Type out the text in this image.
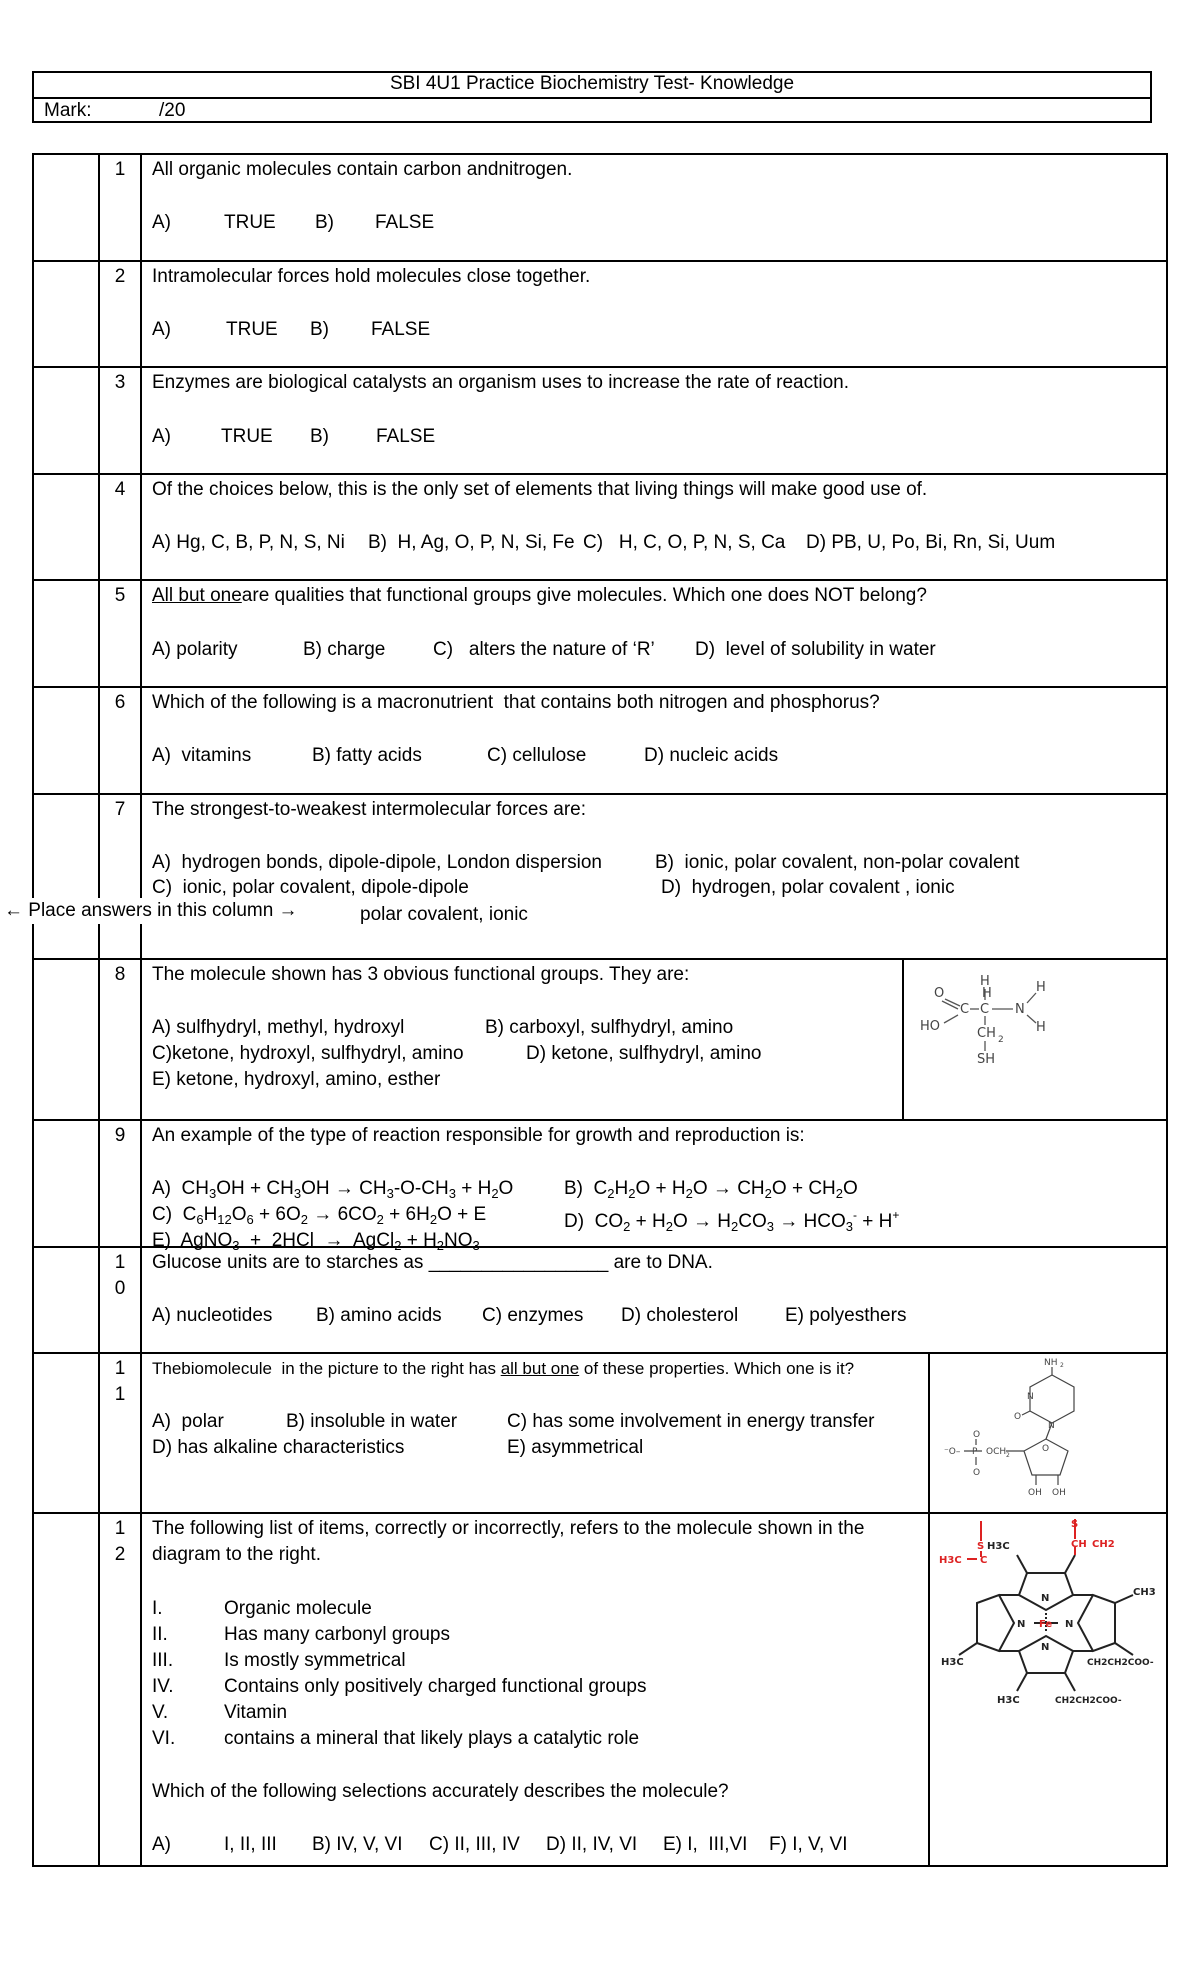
SBI 4U1 Practice Biochemistry Test- Knowledge
Mark:	/20
1	All organic molecules contain carbon andnitrogen.
A)	TRUE B) FALSE
2	Intramolecular forces hold molecules close together.
A)	TRUE B) FALSE
3	Enzymes are biological catalysts an organism uses to increase the rate of reaction.
A)	TRUE B) FALSE
4	Of the choices below, this is the only set of elements that living things will make good use of.
A) Hg, C, B, P, N, S, Ni B)  H, Ag, O, P, N, Si, Fe C)   H, C, O, P, N, S, Ca D) PB, U, Po, Bi, Rn, Si, Uum
5	All but oneare qualities that functional groups give molecules. Which one does NOT belong?
A) polarity	B) charge	C)   alters the nature of ‘R’ D)  level of solubility in water
6	Which of the following is a macronutrient  that contains both nitrogen and phosphorus?
A)  vitamins	B) fatty acids	C) cellulose	D) nucleic acids
7	The strongest-to-weakest intermolecular forces are:
A)  hydrogen bonds, dipole-dipole, London dispersion	B)  ionic, polar covalent, non-polar covalent
C)  ionic, polar covalent, dipole-dipole	D)  hydrogen, polar covalent , ionic
polar covalent, ionic
8	The molecule shown has 3 obvious functional groups. They are:
A) sulfhydryl, methyl, hydroxyl	B) carboxyl, sulfhydryl, amino
C)ketone, hydroxyl, sulfhydryl, amino	D) ketone, sulfhydryl, amino
E) ketone, hydroxyl, amino, esther
O
H	H
C C N
HO	H
H
CH 2
SH
9	An example of the type of reaction responsible for growth and reproduction is:
A)  $CH_3OH + CH_3OH \to CH_3-O-CH_3 + H_2O$	B)  $C_2H_2O + H_2O \to CH_2O + CH_2O$
C)  $C_6H_{12}O_6 + 6O_2 \to 6CO_2 + 6H_2O + E$	D)  $CO_2 + H_2O \to H_2CO_3 \to HCO_3^- + H^+$
E)  AgNO$_3$  +  2HCl  →  AgCl$_2$ + $H_2NO_3$
1
0
Glucose units are to starches as _________________ are to DNA.
A) nucleotides B) amino acids C) enzymes D) cholesterol E) polyesthers
1
1
Thebiomolecule  in the picture to the right has all but one of these properties. Which one is it?
A)  polar	B) insoluble in water	C) has some involvement in energy transfer
D) has alkaline characteristics	E) asymmetrical
NH 2
N
O
N
O
P OCH 2
O
O
OH OH
⁻O–
1
2
The following list of items, correctly or incorrectly, refers to the molecule shown in the
diagram to the right.
I.	Organic molecule
II.	Has many carbonyl groups
III.	Is mostly symmetrical
IV.	Contains only positively charged functional groups
V.	Vitamin
VI.	contains a mineral that likely plays a catalytic role
Which of the following selections accurately describes the molecule?
A)	I, II, III B) IV, V, VI C) II, III, IV D) II, IV, VI E) I,  III,VI F) I, V, VI
S H3C	CH CH2
S
H3C C
CH3
N
N Fe N
N
H3C	CH2CH2COO-
H3C	CH2CH2COO-
← Place answers in this column →
